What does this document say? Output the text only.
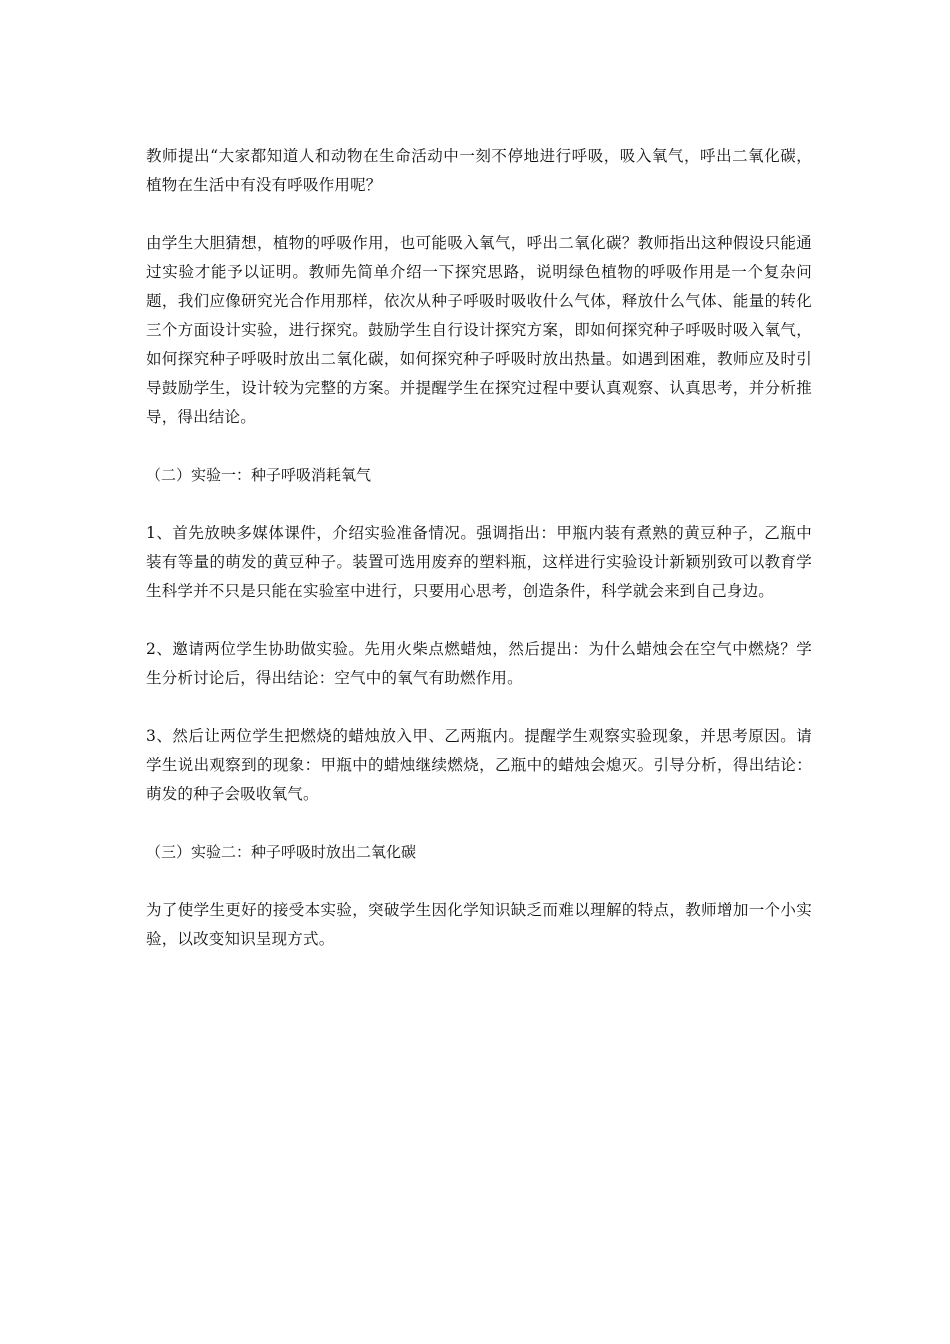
教师提出“大家都知道人和动物在生命活动中一刻不停地进行呼吸，吸入氧气，呼出二氧化碳，植物在生活中有没有呼吸作用呢？

由学生大胆猜想，植物的呼吸作用，也可能吸入氧气，呼出二氧化碳？教师指出这种假设只能通过实验才能予以证明。教师先简单介绍一下探究思路，说明绿色植物的呼吸作用是一个复杂问题，我们应像研究光合作用那样，依次从种子呼吸时吸收什么气体，释放什么气体、能量的转化三个方面设计实验，进行探究。鼓励学生自行设计探究方案，即如何探究种子呼吸时吸入氧气，如何探究种子呼吸时放出二氧化碳，如何探究种子呼吸时放出热量。如遇到困难，教师应及时引导鼓励学生，设计较为完整的方案。并提醒学生在探究过程中要认真观察、认真思考，并分析推导，得出结论。

（二）实验一：种子呼吸消耗氧气

1、首先放映多媒体课件，介绍实验准备情况。强调指出：甲瓶内装有煮熟的黄豆种子，乙瓶中装有等量的萌发的黄豆种子。装置可选用废弃的塑料瓶，这样进行实验设计新颖别致可以教育学生科学并不只是只能在实验室中进行，只要用心思考，创造条件，科学就会来到自己身边。

2、邀请两位学生协助做实验。先用火柴点燃蜡烛，然后提出：为什么蜡烛会在空气中燃烧？学生分析讨论后，得出结论：空气中的氧气有助燃作用。

3、然后让两位学生把燃烧的蜡烛放入甲、乙两瓶内。提醒学生观察实验现象，并思考原因。请学生说出观察到的现象：甲瓶中的蜡烛继续燃烧，乙瓶中的蜡烛会熄灭。引导分析，得出结论：萌发的种子会吸收氧气。

（三）实验二：种子呼吸时放出二氧化碳

为了使学生更好的接受本实验，突破学生因化学知识缺乏而难以理解的特点，教师增加一个小实验，以改变知识呈现方式。
